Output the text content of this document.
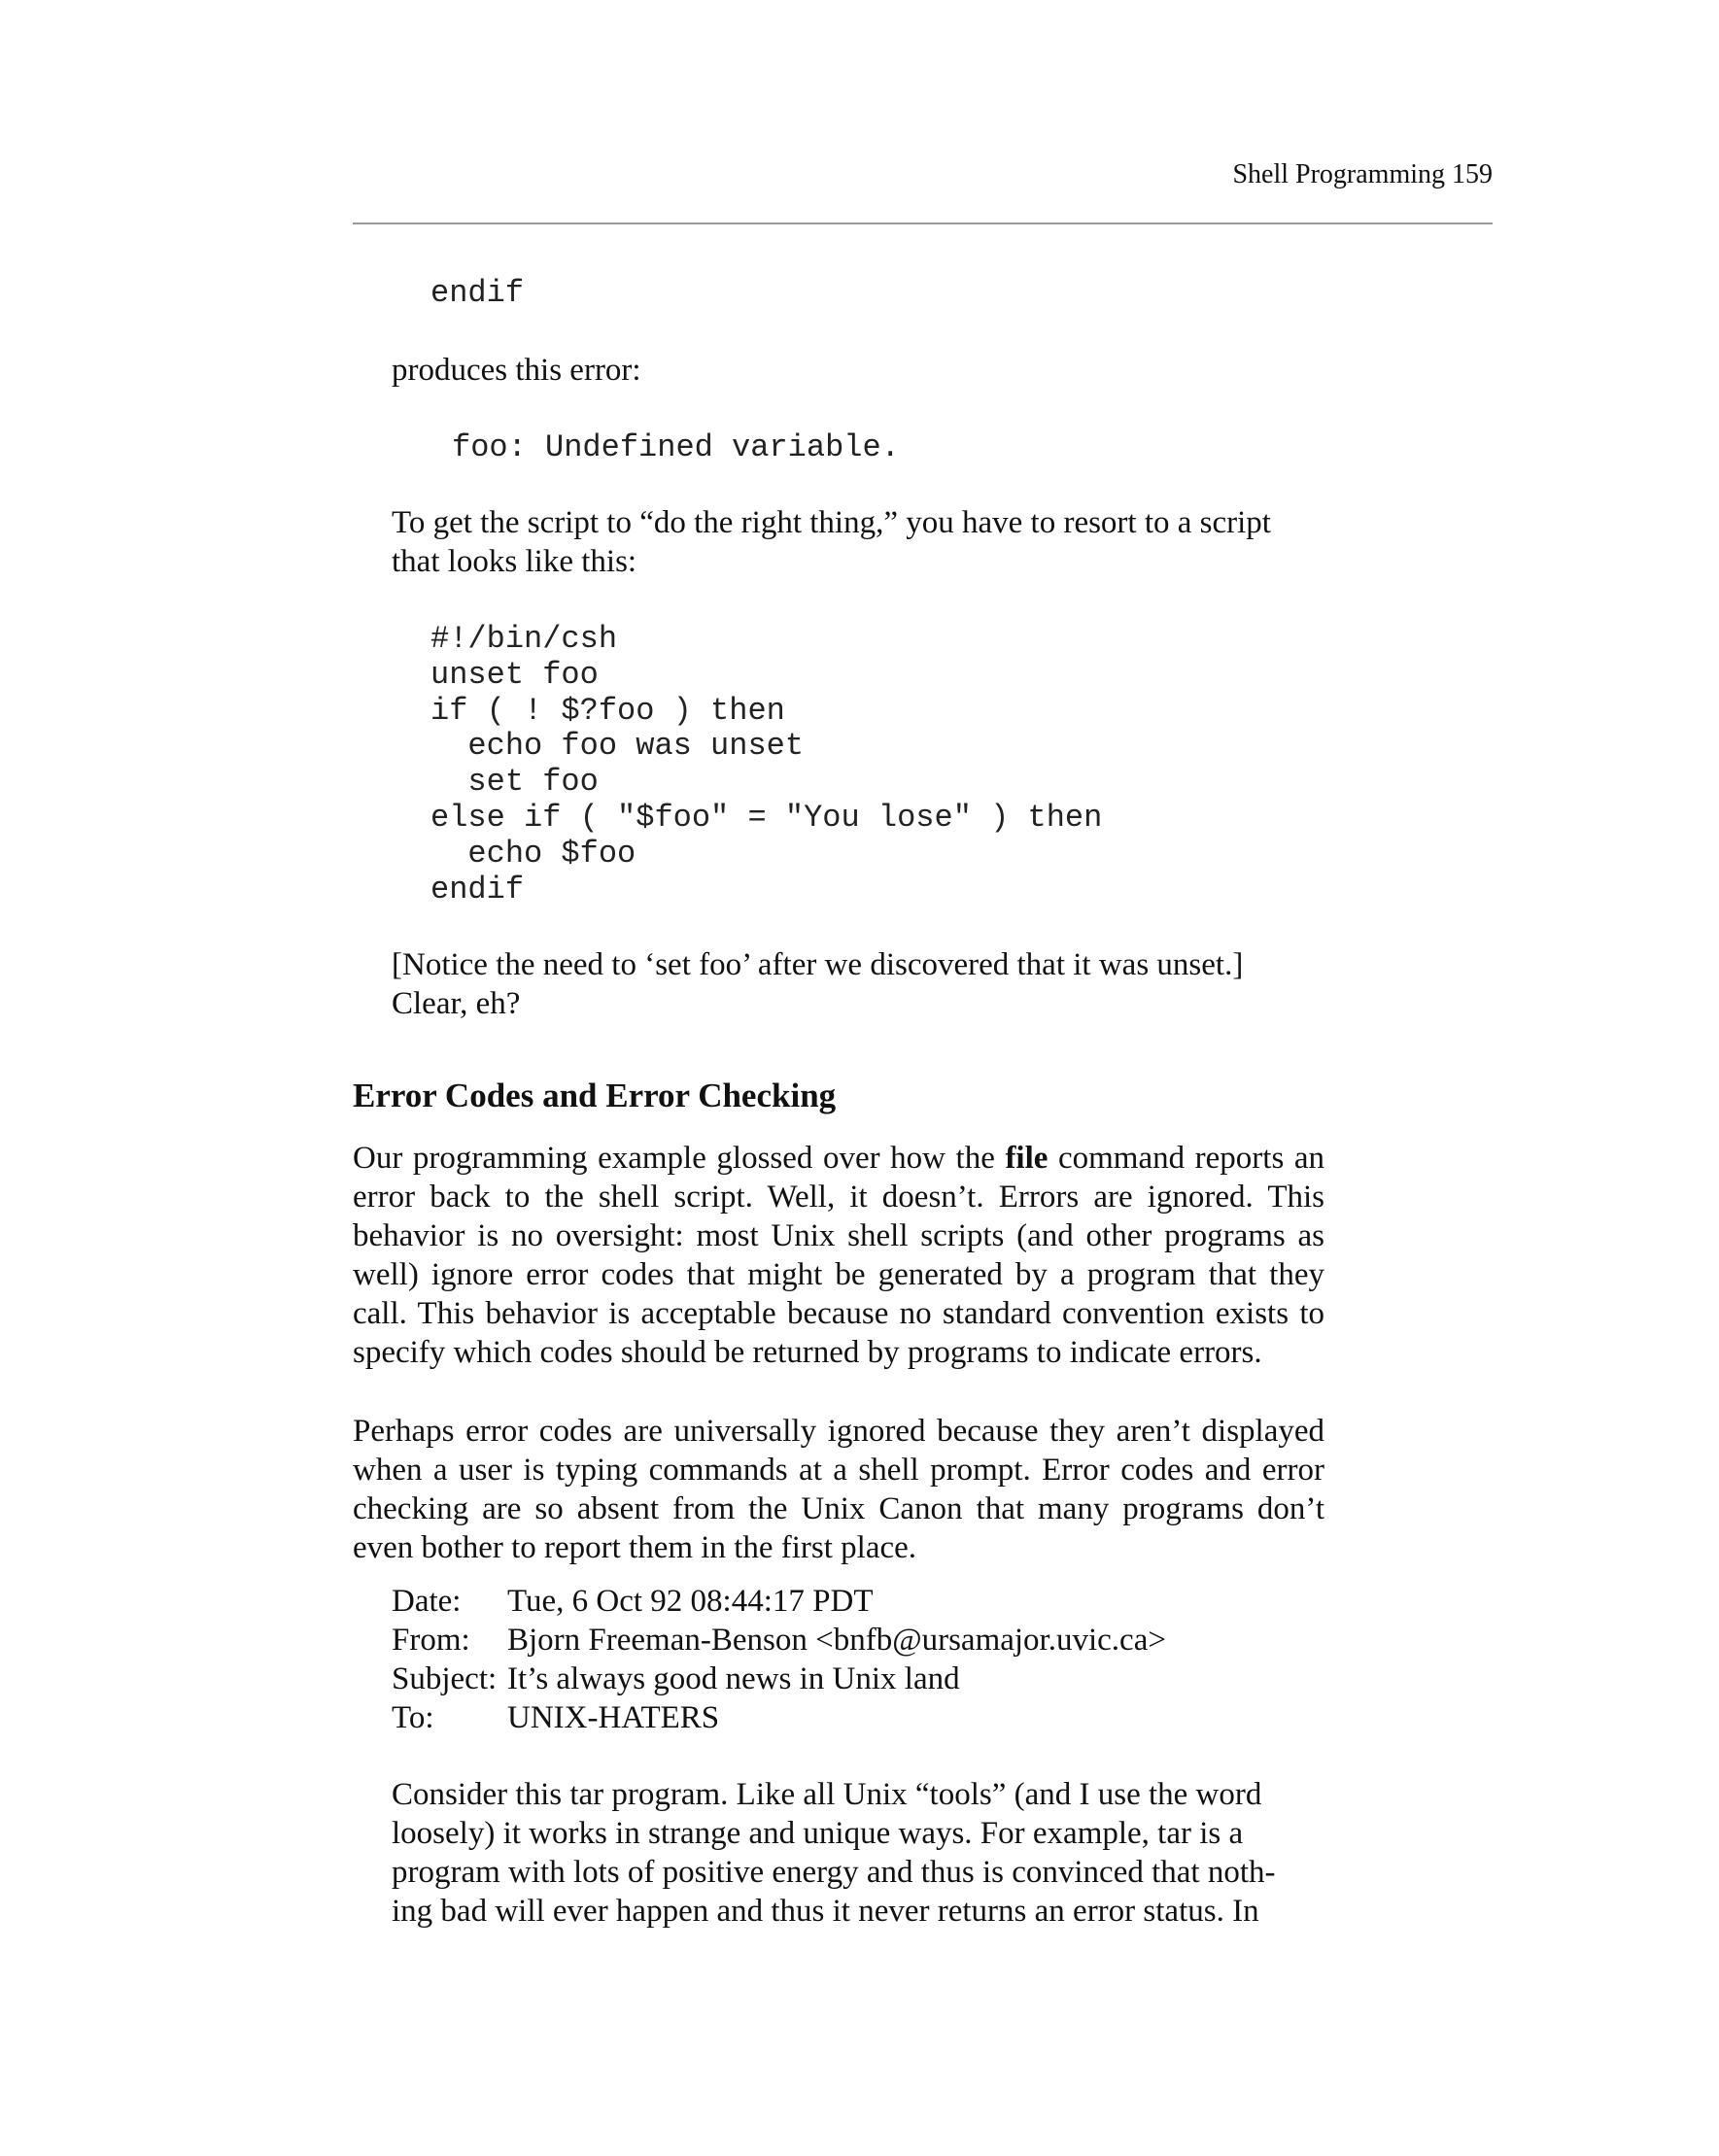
Shell Programming 159
endif
produces this error:
foo: Undefined variable.
To get the script to “do the right thing,” you have to resort to a script
that looks like this:
#!/bin/csh
unset foo
if ( ! $?foo ) then
echo foo was unset
set foo
else if ( "$foo" = "You lose" ) then
echo $foo
endif
[Notice the need to ‘set foo’ after we discovered that it was unset.]
Clear, eh?
Error Codes and Error Checking
Our programming example glossed over how the file command reports an
error back to the shell script. Well, it doesn’t. Errors are ignored. This
behavior is no oversight: most Unix shell scripts (and other programs as
well) ignore error codes that might be generated by a program that they
call. This behavior is acceptable because no standard convention exists to
specify which codes should be returned by programs to indicate errors.
Perhaps error codes are universally ignored because they aren’t displayed
when a user is typing commands at a shell prompt. Error codes and error
checking are so absent from the Unix Canon that many programs don’t
even bother to report them in the first place.
Date:	Tue, 6 Oct 92 08:44:17 PDT
From:	Bjorn Freeman-Benson <bnfb@ursamajor.uvic.ca>
Subject: It’s always good news in Unix land
To:	UNIX-HATERS
Consider this tar program. Like all Unix “tools” (and I use the word
loosely) it works in strange and unique ways. For example, tar is a
program with lots of positive energy and thus is convinced that noth-
ing bad will ever happen and thus it never returns an error status. In
